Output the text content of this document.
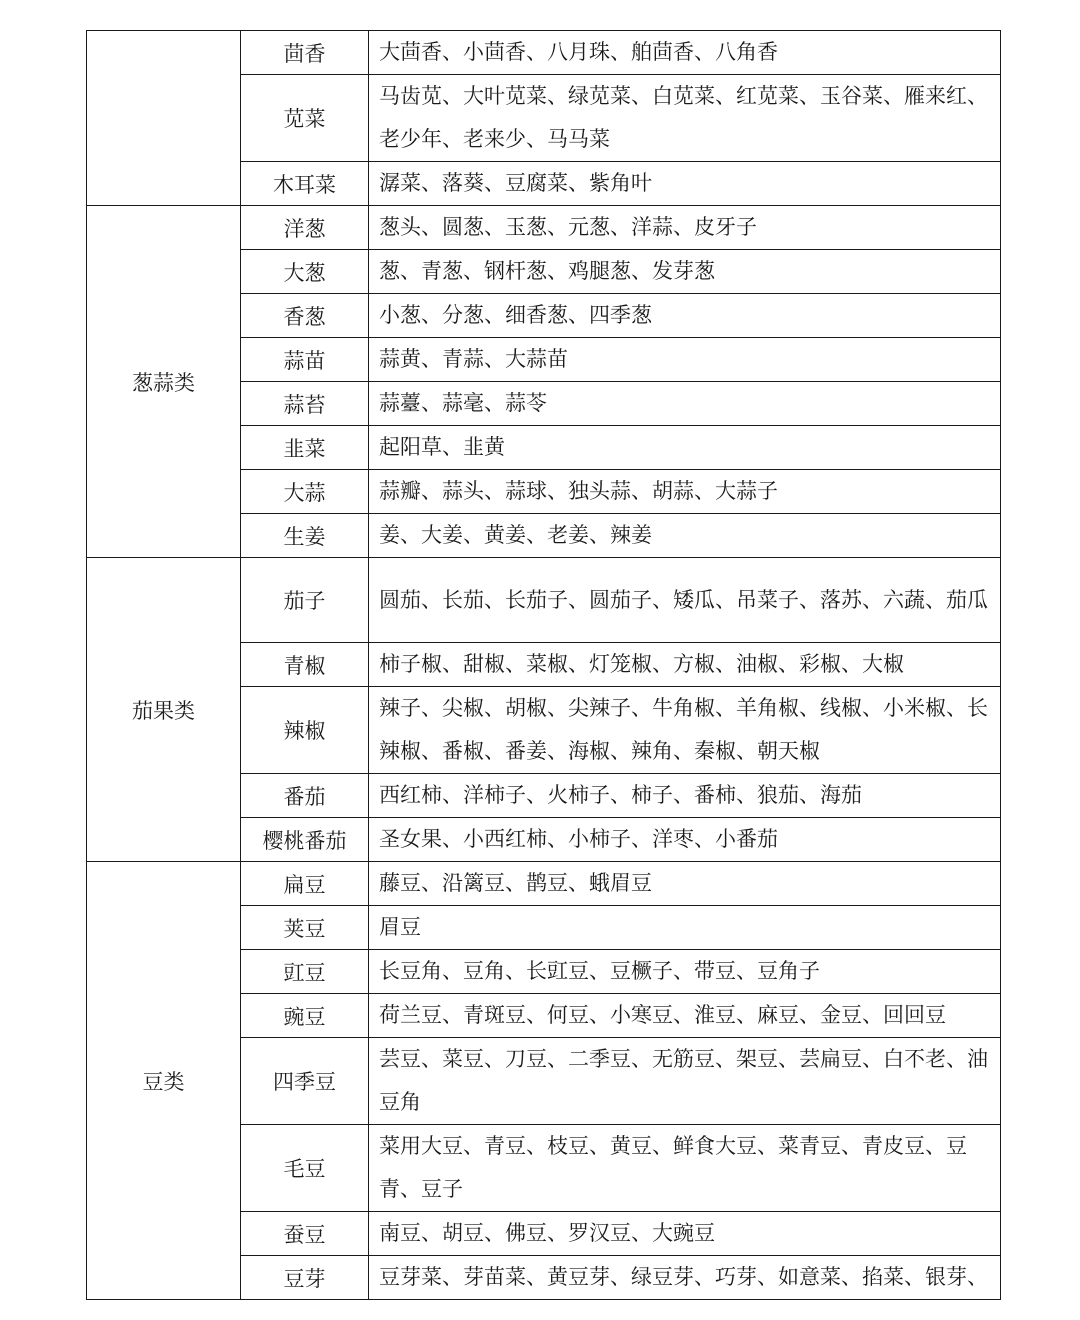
	茴香	大茴香、小茴香、八月珠、舶茴香、八角香
	苋菜	马齿苋、大叶苋菜、绿苋菜、白苋菜、红苋菜、玉谷菜、雁来红、老少年、老来少、马马菜
	木耳菜	潺菜、落葵、豆腐菜、紫角叶
葱蒜类	洋葱	葱头、圆葱、玉葱、元葱、洋蒜、皮牙子
	大葱	葱、青葱、钢杆葱、鸡腿葱、发芽葱
	香葱	小葱、分葱、细香葱、四季葱
	蒜苗	蒜黄、青蒜、大蒜苗
	蒜苔	蒜薹、蒜毫、蒜苓
	韭菜	起阳草、韭黄
	大蒜	蒜瓣、蒜头、蒜球、独头蒜、胡蒜、大蒜子
	生姜	姜、大姜、黄姜、老姜、辣姜
茄果类	茄子	圆茄、长茄、长茄子、圆茄子、矮瓜、吊菜子、落苏、六蔬、茄瓜
	青椒	柿子椒、甜椒、菜椒、灯笼椒、方椒、油椒、彩椒、大椒
	辣椒	辣子、尖椒、胡椒、尖辣子、牛角椒、羊角椒、线椒、小米椒、长辣椒、番椒、番姜、海椒、辣角、秦椒、朝天椒
	番茄	西红柿、洋柿子、火柿子、柿子、番柿、狼茄、海茄
	樱桃番茄	圣女果、小西红柿、小柿子、洋枣、小番茄
豆类	扁豆	藤豆、沿篱豆、鹊豆、蛾眉豆
	荚豆	眉豆
	豇豆	长豆角、豆角、长豇豆、豆橛子、带豆、豆角子
	豌豆	荷兰豆、青斑豆、何豆、小寒豆、淮豆、麻豆、金豆、回回豆
	四季豆	芸豆、菜豆、刀豆、二季豆、无筋豆、架豆、芸扁豆、白不老、油豆角
	毛豆	菜用大豆、青豆、枝豆、黄豆、鲜食大豆、菜青豆、青皮豆、豆青、豆子
	蚕豆	南豆、胡豆、佛豆、罗汉豆、大豌豆
	豆芽	豆芽菜、芽苗菜、黄豆芽、绿豆芽、巧芽、如意菜、掐菜、银芽、
